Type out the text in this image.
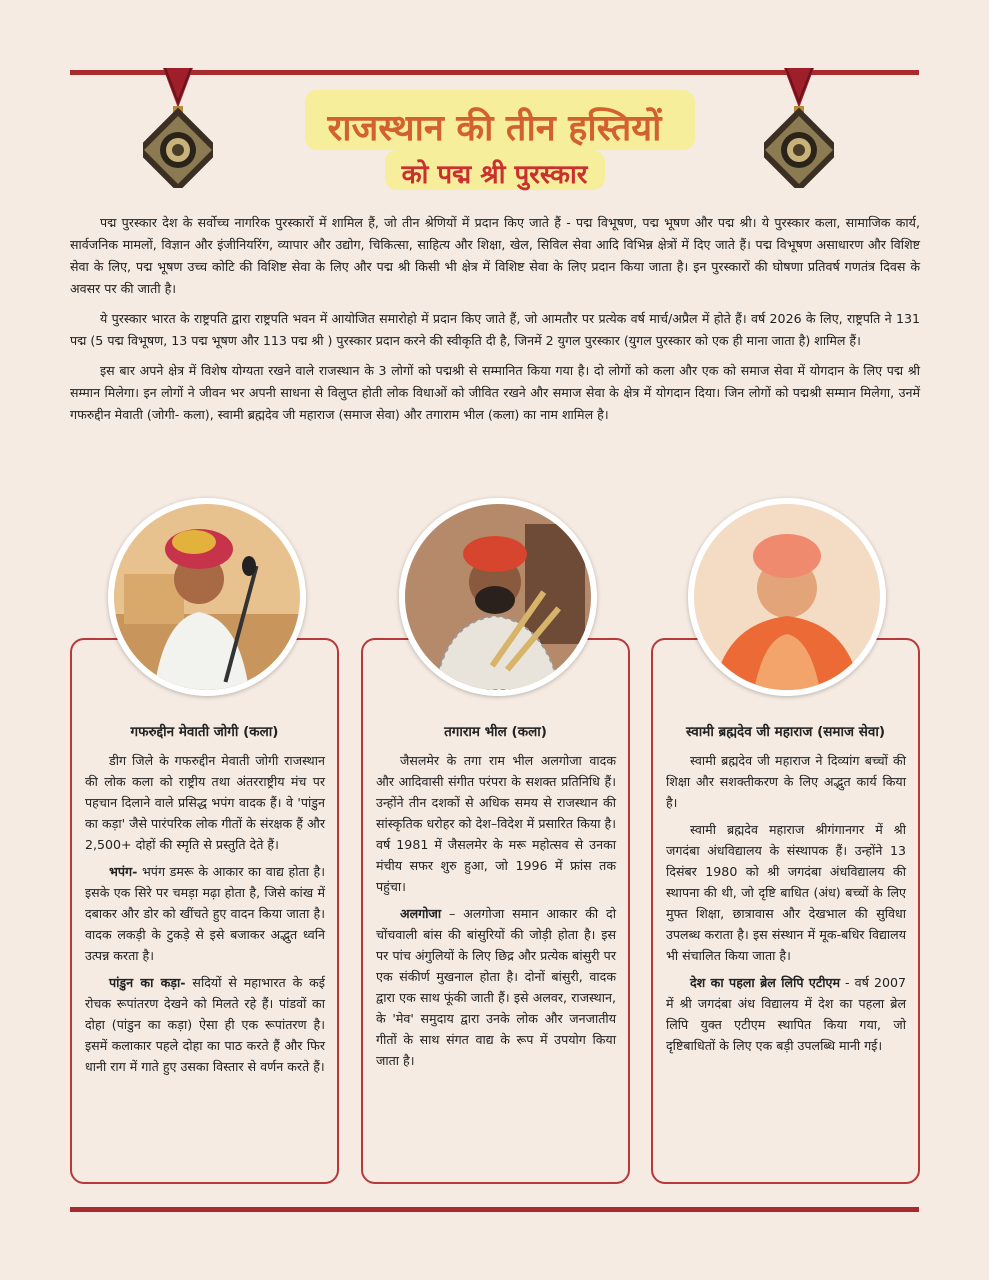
राजस्थान की तीन हस्तियों
को पद्म श्री पुरस्कार

पद्म पुरस्कार देश के सर्वोच्च नागरिक पुरस्कारों में शामिल हैं, जो तीन श्रेणियों में प्रदान किए जाते हैं - पद्म विभूषण, पद्म भूषण और पद्म श्री। ये पुरस्कार कला, सामाजिक कार्य, सार्वजनिक मामलों, विज्ञान और इंजीनियरिंग, व्यापार और उद्योग, चिकित्सा, साहित्य और शिक्षा, खेल, सिविल सेवा आदि विभिन्न क्षेत्रों में दिए जाते हैं। पद्म विभूषण असाधारण और विशिष्ट सेवा के लिए, पद्म भूषण उच्च कोटि की विशिष्ट सेवा के लिए और पद्म श्री किसी भी क्षेत्र में विशिष्ट सेवा के लिए प्रदान किया जाता है। इन पुरस्कारों की घोषणा प्रतिवर्ष गणतंत्र दिवस के अवसर पर की जाती है।

ये पुरस्कार भारत के राष्ट्रपति द्वारा राष्ट्रपति भवन में आयोजित समारोहो में प्रदान किए जाते हैं, जो आमतौर पर प्रत्येक वर्ष मार्च/अप्रैल में होते हैं। वर्ष 2026 के लिए, राष्ट्रपति ने 131 पद्म (5 पद्म विभूषण, 13 पद्म भूषण और 113 पद्म श्री ) पुरस्कार प्रदान करने की स्वीकृति दी है, जिनमें 2 युगल पुरस्कार (युगल पुरस्कार को एक ही माना जाता है) शामिल हैं।

इस बार अपने क्षेत्र में विशेष योग्यता रखने वाले राजस्थान के 3 लोगों को पद्मश्री से सम्मानित किया गया है। दो लोगों को कला और एक को समाज सेवा में योगदान के लिए पद्म श्री सम्मान मिलेगा। इन लोगों ने जीवन भर अपनी साधना से विलुप्त होती लोक विधाओं को जीवित रखने और समाज सेवा के क्षेत्र में योगदान दिया। जिन लोगों को पद्मश्री सम्मान मिलेगा, उनमें गफरुद्दीन मेवाती (जोगी- कला), स्वामी ब्रह्मदेव जी महाराज (समाज सेवा) और तगाराम भील (कला) का नाम शामिल है।

गफरुद्दीन मेवाती जोगी (कला)

डीग जिले के गफरुद्दीन मेवाती जोगी राजस्थान की लोक कला को राष्ट्रीय तथा अंतरराष्ट्रीय मंच पर पहचान दिलाने वाले प्रसिद्ध भपंग वादक हैं। वे 'पांडुन का कड़ा' जैसे पारंपरिक लोक गीतों के संरक्षक हैं और 2,500+ दोहों की स्मृति से प्रस्तुति देते हैं।

भपंग- भपंग डमरू के आकार का वाद्य होता है। इसके एक सिरे पर चमड़ा मढ़ा होता है, जिसे कांख में दबाकर और डोर को खींचते हुए वादन किया जाता है। वादक लकड़ी के टुकड़े से इसे बजाकर अद्भुत ध्वनि उत्पन्न करता है।

पांडुन का कड़ा- सदियों से महाभारत के कई रोचक रूपांतरण देखने को मिलते रहे हैं। पांडवों का दोहा (पांडुन का कड़ा) ऐसा ही एक रूपांतरण है। इसमें कलाकार पहले दोहा का पाठ करते हैं और फिर धानी राग में गाते हुए उसका विस्तार से वर्णन करते हैं।

तगाराम भील (कला)

जैसलमेर के तगा राम भील अलगोजा वादक और आदिवासी संगीत परंपरा के सशक्त प्रतिनिधि हैं। उन्होंने तीन दशकों से अधिक समय से राजस्थान की सांस्कृतिक धरोहर को देश–विदेश में प्रसारित किया है। वर्ष 1981 में जैसलमेर के मरू महोत्सव से उनका मंचीय सफर शुरु हुआ, जो 1996 में फ्रांस तक पहुंचा।

अलगोजा – अलगोजा समान आकार की दो चोंचवाली बांस की बांसुरियों की जोड़ी होता है। इस पर पांच अंगुलियों के लिए छिद्र और प्रत्येक बांसुरी पर एक संकीर्ण मुखनाल होता है। दोनों बांसुरी, वादक द्वारा एक साथ फूंकी जाती हैं। इसे अलवर, राजस्थान, के 'मेव' समुदाय द्वारा उनके लोक और जनजातीय गीतों के साथ संगत वाद्य के रूप में उपयोग किया जाता है।

स्वामी ब्रह्मदेव जी महाराज (समाज सेवा)

स्वामी ब्रह्मदेव जी महाराज ने दिव्यांग बच्चों की शिक्षा और सशक्तीकरण के लिए अद्भुत कार्य किया है।

स्वामी ब्रह्मदेव महाराज श्रीगंगानगर में श्री जगदंबा अंधविद्यालय के संस्थापक हैं। उन्होंने 13 दिसंबर 1980 को श्री जगदंबा अंधविद्यालय की स्थापना की थी, जो दृष्टि बाधित (अंध) बच्चों के लिए मुफ्त शिक्षा, छात्रावास और देखभाल की सुविधा उपलब्ध कराता है। इस संस्थान में मूक-बधिर विद्यालय भी संचालित किया जाता है।

देश का पहला ब्रेल लिपि एटीएम - वर्ष 2007 में श्री जगदंबा अंध विद्यालय में देश का पहला ब्रेल लिपि युक्त एटीएम स्थापित किया गया, जो दृष्टिबाधितों के लिए एक बड़ी उपलब्धि मानी गई।
